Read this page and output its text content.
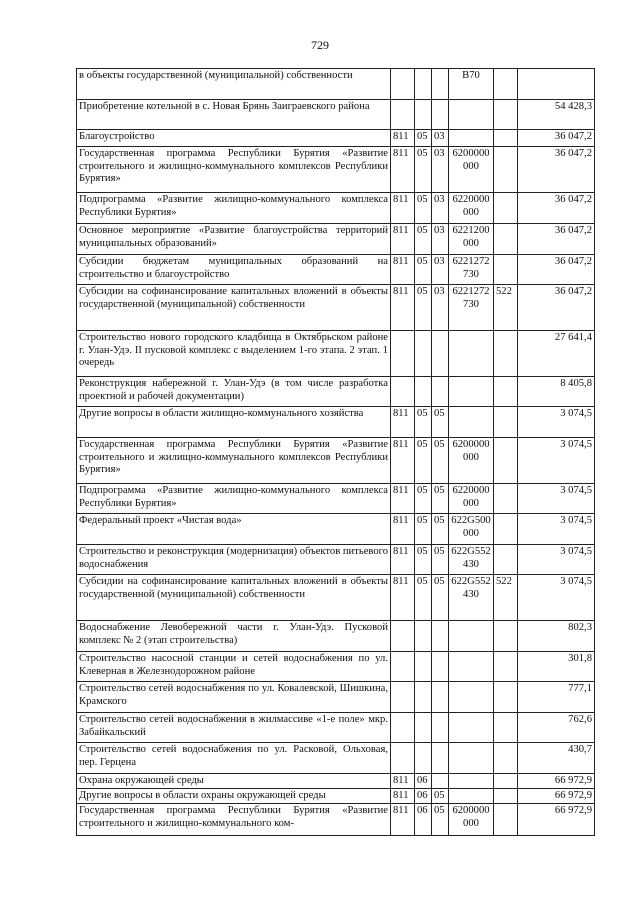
729
в объекты государственной (муниципальной) собственности				B70		
Приобретение котельной в с. Новая Брянь Заиграевского района						54 428,3
Благоустройство	811	05	03			36 047,2
Государственная программа Республики Бурятия «Развитие строительного и жилищно-коммунального комплексов Республики Бурятия»	811	05	03	6200000 000		36 047,2
Подпрограмма «Развитие жилищно-коммунального комплекса Республики Бурятия»	811	05	03	6220000 000		36 047,2
Основное мероприятие «Развитие благоустройства территорий муниципальных образований»	811	05	03	6221200 000		36 047,2
Субсидии бюджетам муниципальных образований на строительство и благоустройство	811	05	03	6221272 730		36 047,2
Субсидии на софинансирование капитальных вложений в объекты государственной (муниципальной) собственности	811	05	03	6221272 730	522	36 047,2
Строительство нового городского кладбища в Октябрьском районе г. Улан-Удэ. II пусковой комплекс с выделением 1-го этапа. 2 этап. 1 очередь						27 641,4
Реконструкция набережной г. Улан-Удэ (в том числе разработка проектной и рабочей документации)						8 405,8
Другие вопросы в области жилищно-коммунального хозяйства	811	05	05			3 074,5
Государственная программа Республики Бурятия «Развитие строительного и жилищно-коммунального комплексов Республики Бурятия»	811	05	05	6200000 000		3 074,5
Подпрограмма «Развитие жилищно-коммунального комплекса Республики Бурятия»	811	05	05	6220000 000		3 074,5
Федеральный проект «Чистая вода»	811	05	05	622G500 000		3 074,5
Строительство и реконструкция (модернизация) объектов питьевого водоснабжения	811	05	05	622G552 430		3 074,5
Субсидии на софинансирование капитальных вложений в объекты государственной (муниципальной) собственности	811	05	05	622G552 430	522	3 074,5
Водоснабжение Левобережной части г. Улан-Удэ. Пусковой комплекс № 2 (этап строительства)						802,3
Строительство насосной станции и сетей водоснабжения по ул. Клеверная в Железнодорожном районе						301,8
Строительство сетей водоснабжения по ул. Ковалевской, Шишкина, Крамского						777,1
Строительство сетей водоснабжения в жилмассиве «1-е поле» мкр. Забайкальский						762,6
Строительство сетей водоснабжения по ул. Расковой, Ольховая, пер. Герцена						430,7
Охрана окружающей среды	811	06				66 972,9
Другие вопросы в области охраны окружающей среды	811	06	05			66 972,9
Государственная программа Республики Бурятия «Развитие строительного и жилищно-коммунального ком-	811	06	05	6200000 000		66 972,9
